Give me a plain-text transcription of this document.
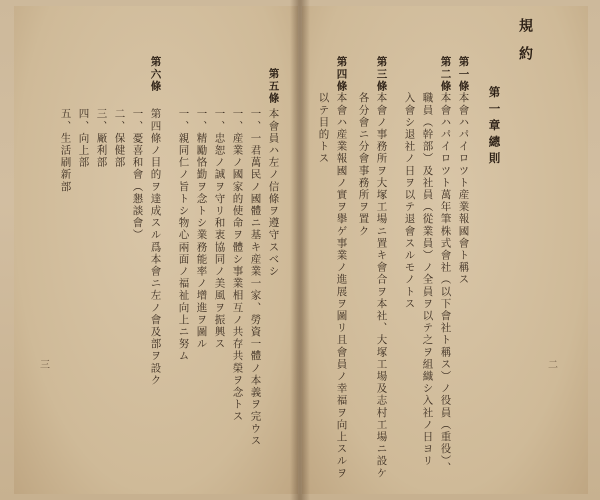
規約
第一章總則
第一條
本會ハパイロツト産業報國會ト稱ス
第二條
本會ハパイロツト萬年筆株式會社（以下會社ト稱ス）ノ役員（重役）、
職員（幹部）及社員（從業員）ノ全員ヲ以テ之ヲ組織シ入社ノ日ヨリ
入會シ退社ノ日ヲ以テ退會スルモノトス
第三條
本會ノ事務所ヲ大塚工場ニ置キ會合ヲ本社、大塚工場及志村工場ニ設ケ
各分會ニ分會事務所ヲ置ク
第四條
本會ハ産業報國ノ實ヲ擧ゲ事業ノ進展ヲ圖リ且會員ノ幸福ヲ向上スルヲ
以テ目的トス
二
第五條
本會員ハ左ノ信條ヲ遵守スベシ
一、一君萬民ノ國體ニ基キ産業一家、勞資一體ノ本義ヲ完ウス
一、産業ノ國家的使命ヲ體シ事業相互ノ共存共榮ヲ念トス
一、忠恕ノ誠ヲ守リ和衷協同ノ美風ヲ振興ス
一、精勵恪勤ヲ念トシ業務能率ノ增進ヲ圖ル
一、親同仁ノ旨トシ物心兩面ノ福祉向上ニ努ム
第六條
第四條ノ目的ヲ達成スル爲本會ニ左ノ會及部ヲ設ク
一、憂喜和會（懇談會）
二、保健部
三、厰利部
四、向上部
五、生活刷新部
三
